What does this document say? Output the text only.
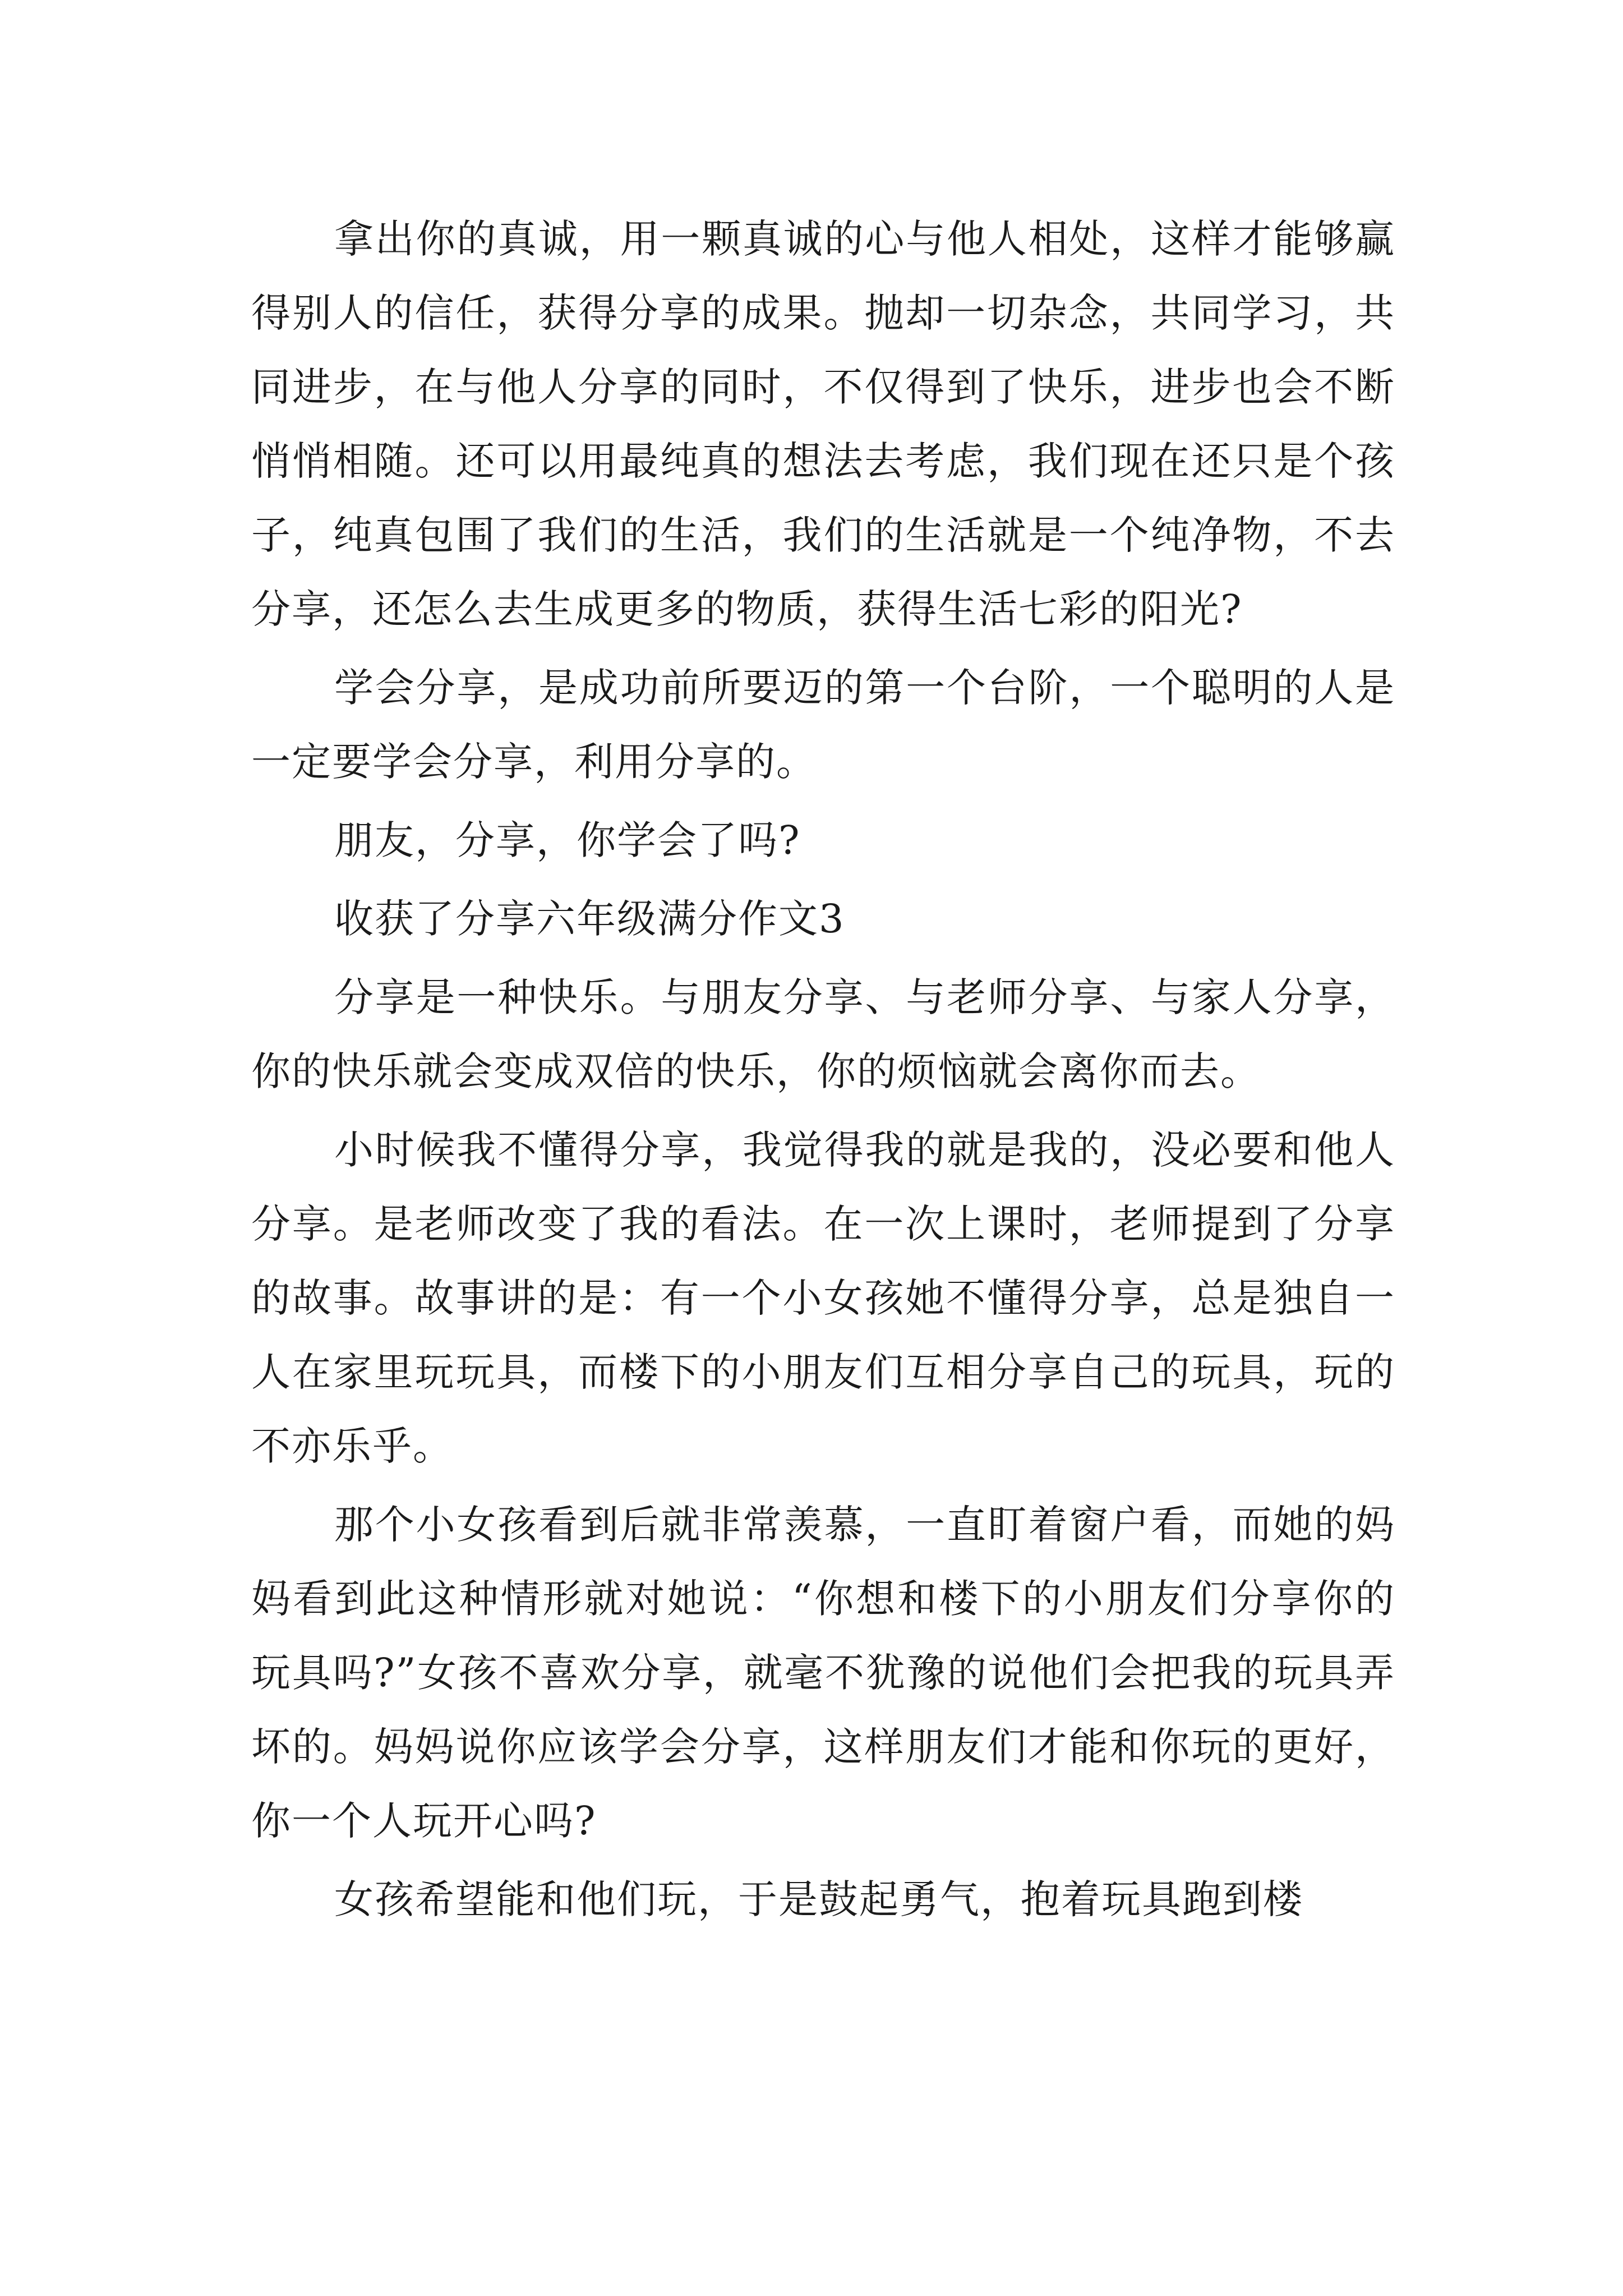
拿出你的真诚，用一颗真诚的心与他人相处，这样才能够赢得别人的信任，获得分享的成果。抛却一切杂念，共同学习，共同进步，在与他人分享的同时，不仅得到了快乐，进步也会不断悄悄相随。还可以用最纯真的想法去考虑，我们现在还只是个孩子，纯真包围了我们的生活，我们的生活就是一个纯净物，不去分享，还怎么去生成更多的物质，获得生活七彩的阳光?

学会分享，是成功前所要迈的第一个台阶，一个聪明的人是一定要学会分享，利用分享的。

朋友，分享，你学会了吗?

收获了分享六年级满分作文3

分享是一种快乐。与朋友分享、与老师分享、与家人分享，你的快乐就会变成双倍的快乐，你的烦恼就会离你而去。

小时候我不懂得分享，我觉得我的就是我的，没必要和他人分享。是老师改变了我的看法。在一次上课时，老师提到了分享的故事。故事讲的是：有一个小女孩她不懂得分享，总是独自一人在家里玩玩具，而楼下的小朋友们互相分享自己的玩具，玩的不亦乐乎。

那个小女孩看到后就非常羡慕，一直盯着窗户看，而她的妈妈看到此这种情形就对她说：“你想和楼下的小朋友们分享你的玩具吗?”女孩不喜欢分享，就毫不犹豫的说他们会把我的玩具弄坏的。妈妈说你应该学会分享，这样朋友们才能和你玩的更好，你一个人玩开心吗?

女孩希望能和他们玩，于是鼓起勇气，抱着玩具跑到楼
